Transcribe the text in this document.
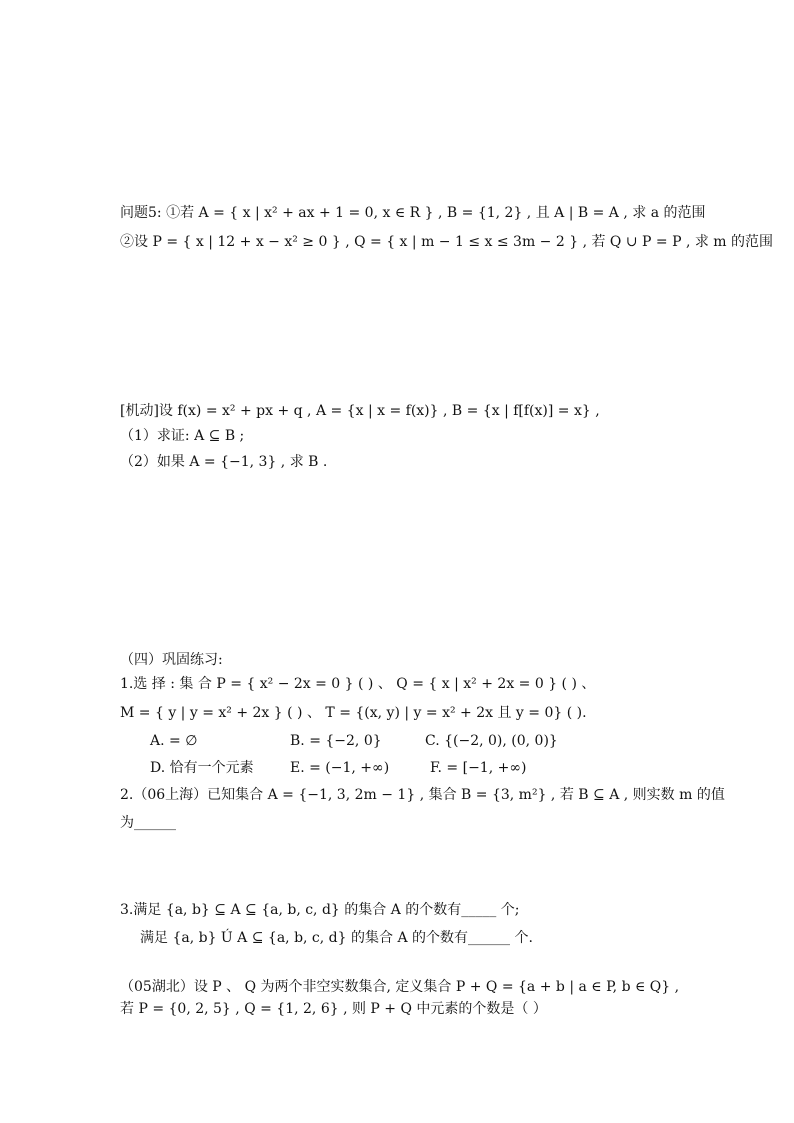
问题5: ①若 A = { x | x² + ax + 1 = 0, x ∈ R } , B = {1, 2} , 且 A | B = A , 求 a 的范围
②设 P = { x | 12 + x − x² ≥ 0 } , Q = { x | m − 1 ≤ x ≤ 3m − 2 } , 若 Q ∪ P = P , 求 m 的范围
[机动]设 f(x) = x² + px + q , A = {x | x = f(x)} , B = {x | f[f(x)] = x} ,
（1）求证: A ⊆ B ;
（2）如果 A = {−1, 3} , 求 B .
（四）巩固练习:
1.选 择 : 集 合 P = { x² − 2x = 0 } ( ) 、 Q = { x | x² + 2x = 0 } ( ) 、
M = { y | y = x² + 2x } ( ) 、 T = {(x, y) | y = x² + 2x 且 y = 0} ( ).
A. = ∅	B. = {−2, 0}	C. {(−2, 0), (0, 0)}
D. 恰有一个元素	E. = (−1, +∞)	F. = [−1, +∞)
2.（06上海）已知集合 A = {−1, 3, 2m − 1} , 集合 B = {3, m²} , 若 B ⊆ A , 则实数 m 的值
为______
3.满足 {a, b} ⊆ A ⊆ {a, b, c, d} 的集合 A 的个数有_____ 个;
满足 {a, b} Ú A ⊆ {a, b, c, d} 的集合 A 的个数有______ 个.
（05湖北）设 P 、 Q 为两个非空实数集合, 定义集合 P + Q = {a + b | a ∈ P, b ∈ Q} ,
若 P = {0, 2, 5} , Q = {1, 2, 6} , 则 P + Q 中元素的个数是（ ）
